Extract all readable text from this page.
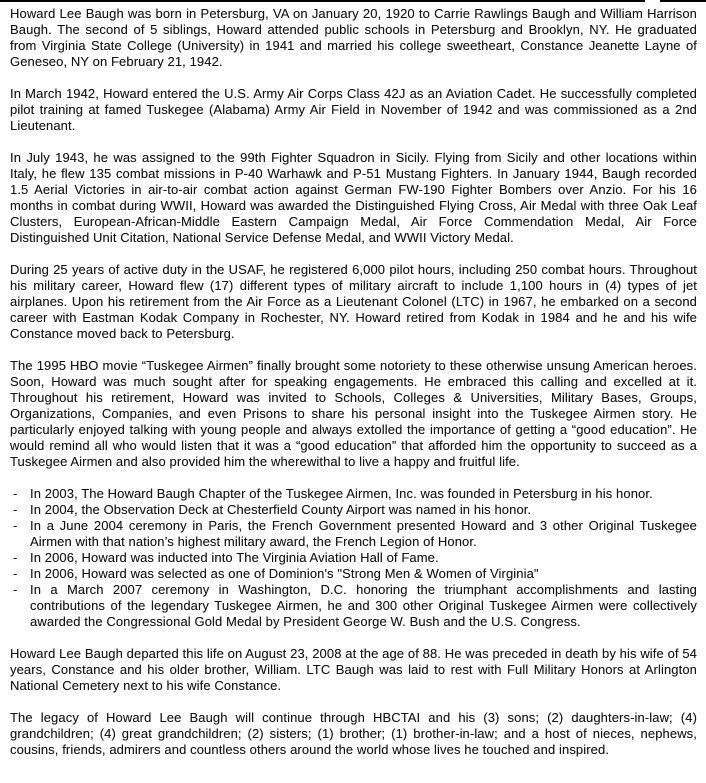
Howard Lee Baugh was born in Petersburg, VA on January 20, 1920 to Carrie Rawlings Baugh and William Harrison Baugh. The second of 5 siblings, Howard attended public schools in Petersburg and Brooklyn, NY. He graduated from Virginia State College (University) in 1941 and married his college sweetheart, Constance Jeanette Layne of Geneseo, NY on February 21, 1942.

In March 1942, Howard entered the U.S. Army Air Corps Class 42J as an Aviation Cadet. He successfully completed pilot training at famed Tuskegee (Alabama) Army Air Field in November of 1942 and was commissioned as a 2nd Lieutenant.

In July 1943, he was assigned to the 99th Fighter Squadron in Sicily. Flying from Sicily and other locations within Italy, he flew 135 combat missions in P-40 Warhawk and P-51 Mustang Fighters. In January 1944, Baugh recorded 1.5 Aerial Victories in air-to-air combat action against German FW-190 Fighter Bombers over Anzio. For his 16 months in combat during WWII, Howard was awarded the Distinguished Flying Cross, Air Medal with three Oak Leaf Clusters, European-African-Middle Eastern Campaign Medal, Air Force Commendation Medal, Air Force Distinguished Unit Citation, National Service Defense Medal, and WWII Victory Medal.

During 25 years of active duty in the USAF, he registered 6,000 pilot hours, including 250 combat hours. Throughout his military career, Howard flew (17) different types of military aircraft to include 1,100 hours in (4) types of jet airplanes. Upon his retirement from the Air Force as a Lieutenant Colonel (LTC) in 1967, he embarked on a second career with Eastman Kodak Company in Rochester, NY. Howard retired from Kodak in 1984 and he and his wife Constance moved back to Petersburg.

The 1995 HBO movie “Tuskegee Airmen” finally brought some notoriety to these otherwise unsung American heroes. Soon, Howard was much sought after for speaking engagements. He embraced this calling and excelled at it. Throughout his retirement, Howard was invited to Schools, Colleges & Universities, Military Bases, Groups, Organizations, Companies, and even Prisons to share his personal insight into the Tuskegee Airmen story. He particularly enjoyed talking with young people and always extolled the importance of getting a “good education”. He would remind all who would listen that it was a “good education” that afforded him the opportunity to succeed as a Tuskegee Airmen and also provided him the wherewithal to live a happy and fruitful life.

- In 2003, The Howard Baugh Chapter of the Tuskegee Airmen, Inc. was founded in Petersburg in his honor.
- In 2004, the Observation Deck at Chesterfield County Airport was named in his honor.
- In a June 2004 ceremony in Paris, the French Government presented Howard and 3 other Original Tuskegee Airmen with that nation’s highest military award, the French Legion of Honor.
- In 2006, Howard was inducted into The Virginia Aviation Hall of Fame.
- In 2006, Howard was selected as one of Dominion's "Strong Men & Women of Virginia"
- In a March 2007 ceremony in Washington, D.C. honoring the triumphant accomplishments and lasting contributions of the legendary Tuskegee Airmen, he and 300 other Original Tuskegee Airmen were collectively awarded the Congressional Gold Medal by President George W. Bush and the U.S. Congress.

Howard Lee Baugh departed this life on August 23, 2008 at the age of 88. He was preceded in death by his wife of 54 years, Constance and his older brother, William. LTC Baugh was laid to rest with Full Military Honors at Arlington National Cemetery next to his wife Constance.

The legacy of Howard Lee Baugh will continue through HBCTAI and his (3) sons; (2) daughters-in-law; (4) grandchildren; (4) great grandchildren; (2) sisters; (1) brother; (1) brother-in-law; and a host of nieces, nephews, cousins, friends, admirers and countless others around the world whose lives he touched and inspired.
